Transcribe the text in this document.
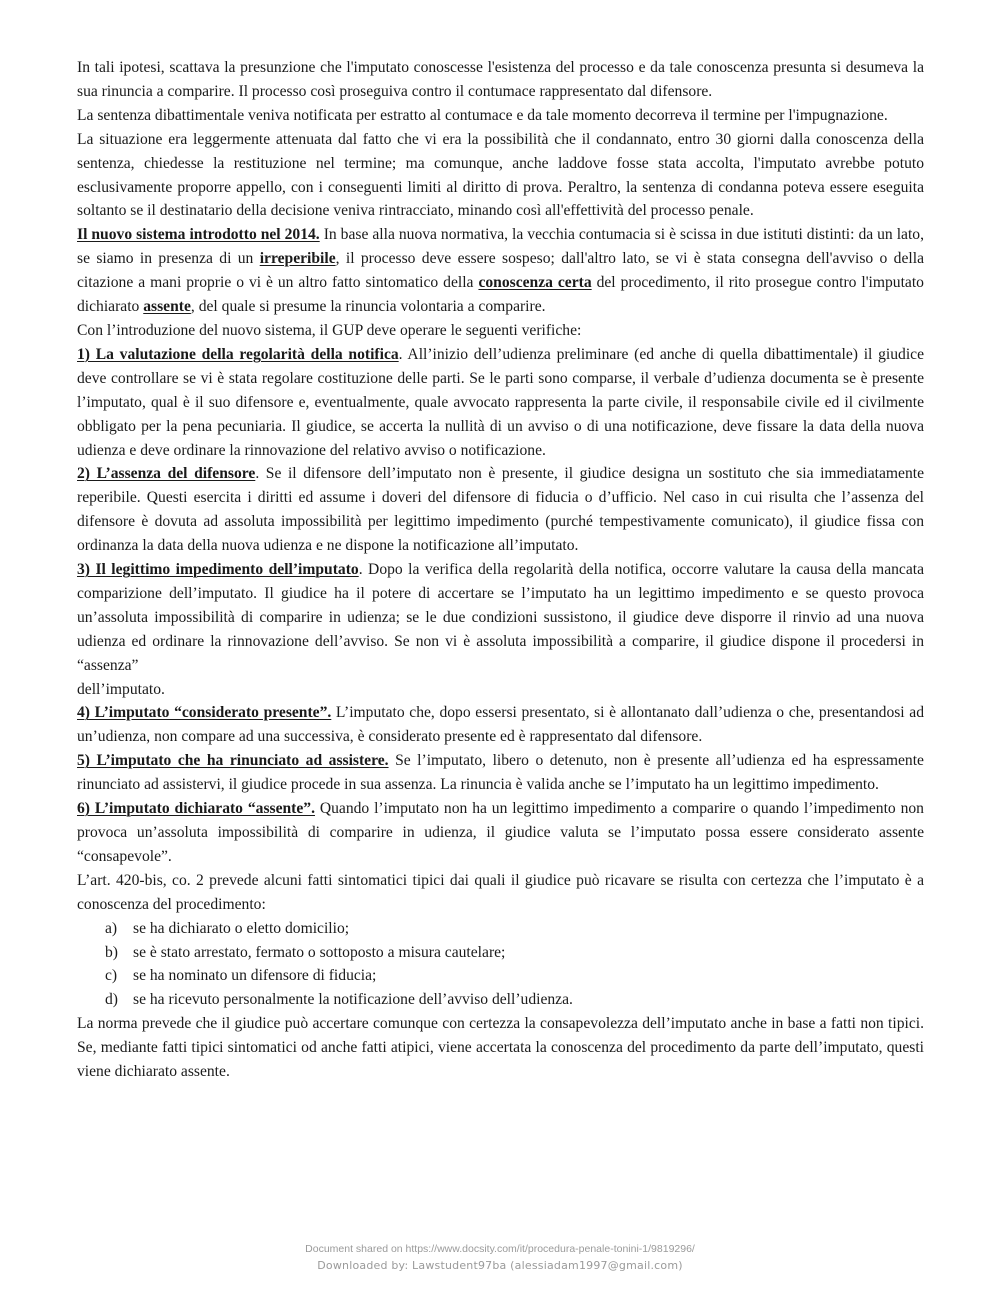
In tali ipotesi, scattava la presunzione che l'imputato conoscesse l'esistenza del processo e da tale conoscenza presunta si desumeva la sua rinuncia a comparire. Il processo così proseguiva contro il contumace rappresentato dal difensore.

La sentenza dibattimentale veniva notificata per estratto al contumace e da tale momento decorreva il termine per l'impugnazione.

La situazione era leggermente attenuata dal fatto che vi era la possibilità che il condannato, entro 30 giorni dalla conoscenza della sentenza, chiedesse la restituzione nel termine; ma comunque, anche laddove fosse stata accolta, l'imputato avrebbe potuto esclusivamente proporre appello, con i conseguenti limiti al diritto di prova. Peraltro, la sentenza di condanna poteva essere eseguita soltanto se il destinatario della decisione veniva rintracciato, minando così all'effettività del processo penale.

Il nuovo sistema introdotto nel 2014. In base alla nuova normativa, la vecchia contumacia si è scissa in due istituti distinti: da un lato, se siamo in presenza di un irreperibile, il processo deve essere sospeso; dall'altro lato, se vi è stata consegna dell'avviso o della citazione a mani proprie o vi è un altro fatto sintomatico della conoscenza certa del procedimento, il rito prosegue contro l'imputato dichiarato assente, del quale si presume la rinuncia volontaria a comparire.

Con l’introduzione del nuovo sistema, il GUP deve operare le seguenti verifiche:

1) La valutazione della regolarità della notifica. All’inizio dell’udienza preliminare (ed anche di quella dibattimentale) il giudice deve controllare se vi è stata regolare costituzione delle parti. Se le parti sono comparse, il verbale d’udienza documenta se è presente l’imputato, qual è il suo difensore e, eventualmente, quale avvocato rappresenta la parte civile, il responsabile civile ed il civilmente obbligato per la pena pecuniaria. Il giudice, se accerta la nullità di un avviso o di una notificazione, deve fissare la data della nuova udienza e deve ordinare la rinnovazione del relativo avviso o notificazione.

2) L’assenza del difensore. Se il difensore dell’imputato non è presente, il giudice designa un sostituto che sia immediatamente reperibile. Questi esercita i diritti ed assume i doveri del difensore di fiducia o d’ufficio. Nel caso in cui risulta che l’assenza del difensore è dovuta ad assoluta impossibilità per legittimo impedimento (purché tempestivamente comunicato), il giudice fissa con ordinanza la data della nuova udienza e ne dispone la notificazione all’imputato.

3) Il legittimo impedimento dell’imputato. Dopo la verifica della regolarità della notifica, occorre valutare la causa della mancata comparizione dell’imputato. Il giudice ha il potere di accertare se l’imputato ha un legittimo impedimento e se questo provoca un’assoluta impossibilità di comparire in udienza; se le due condizioni sussistono, il giudice deve disporre il rinvio ad una nuova udienza ed ordinare la rinnovazione dell’avviso. Se non vi è assoluta impossibilità a comparire, il giudice dispone il procedersi in “assenza”

dell’imputato.

4) L’imputato “considerato presente”. L’imputato che, dopo essersi presentato, si è allontanato dall’udienza o che, presentandosi ad un’udienza, non compare ad una successiva, è considerato presente ed è rappresentato dal difensore.

5) L’imputato che ha rinunciato ad assistere. Se l’imputato, libero o detenuto, non è presente all’udienza ed ha espressamente rinunciato ad assistervi, il giudice procede in sua assenza. La rinuncia è valida anche se l’imputato ha un legittimo impedimento.

6) L’imputato dichiarato “assente”. Quando l’imputato non ha un legittimo impedimento a comparire o quando l’impedimento non provoca un’assoluta impossibilità di comparire in udienza, il giudice valuta se l’imputato possa essere considerato assente “consapevole”.

L’art. 420-bis, co. 2 prevede alcuni fatti sintomatici tipici dai quali il giudice può ricavare se risulta con certezza che l’imputato è a conoscenza del procedimento:

a)	se ha dichiarato o eletto domicilio;
b) se è stato arrestato, fermato o sottoposto a misura cautelare;
c)	se ha nominato un difensore di fiducia;
d) se ha ricevuto personalmente la notificazione dell’avviso dell’udienza.

La norma prevede che il giudice può accertare comunque con certezza la consapevolezza dell’imputato anche in base a fatti non tipici. Se, mediante fatti tipici sintomatici od anche fatti atipici, viene accertata la conoscenza del procedimento da parte dell’imputato, questi viene dichiarato assente.

Document shared on https://www.docsity.com/it/procedura-penale-tonini-1/9819296/
Downloaded by: Lawstudent97ba (alessiadam1997@gmail.com)
